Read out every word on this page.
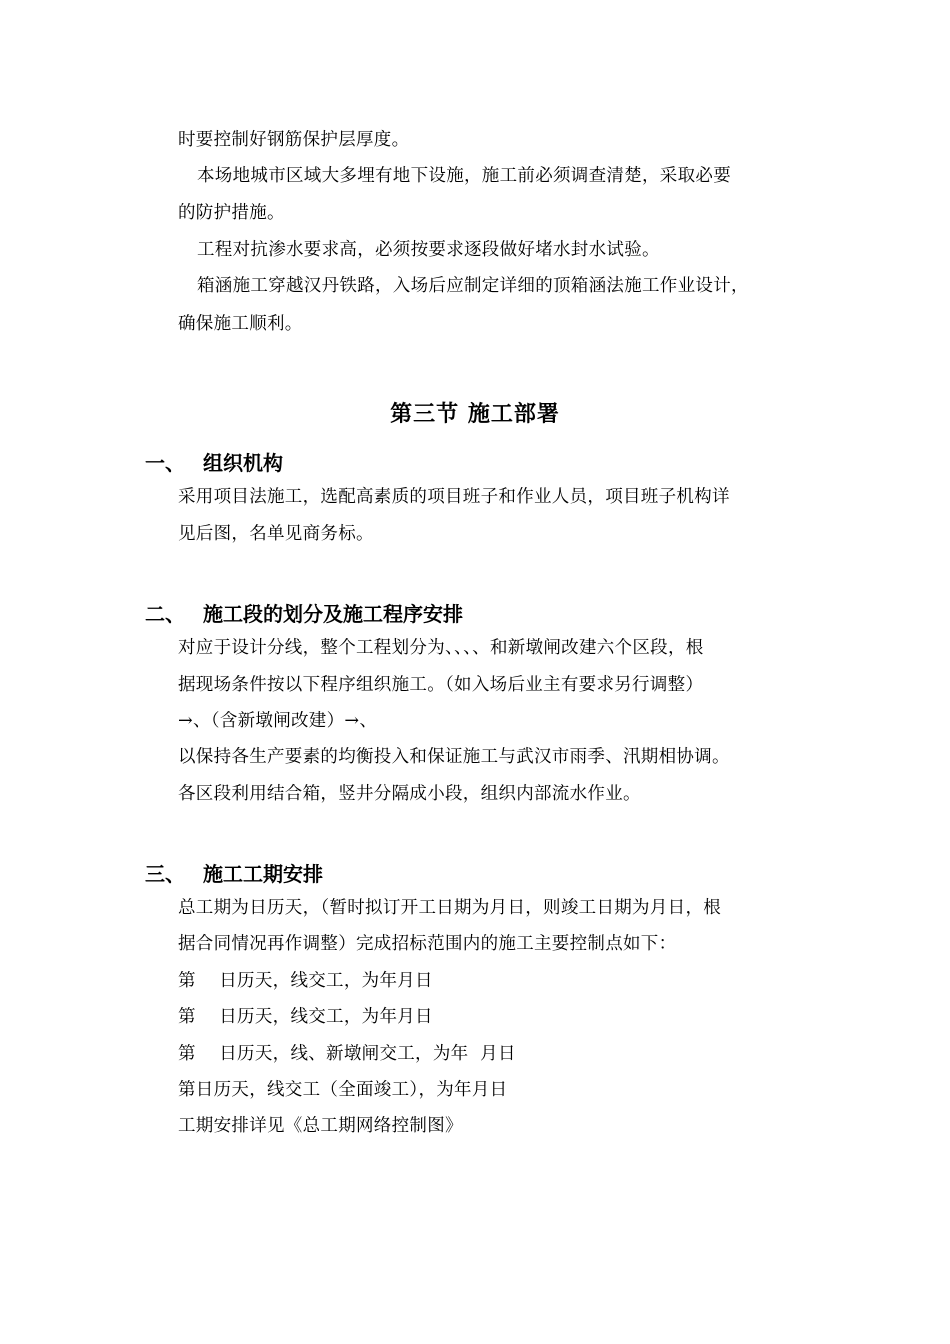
时要控制好钢筋保护层厚度。
本场地城市区域大多埋有地下设施，施工前必须调查清楚，采取必要
的防护措施。
工程对抗渗水要求高，必须按要求逐段做好堵水封水试验。
箱涵施工穿越汉丹铁路，入场后应制定详细的顶箱涵法施工作业设计，
确保施工顺利。
第三节 施工部署
一、 组织机构
采用项目法施工，选配高素质的项目班子和作业人员，项目班子机构详
见后图，名单见商务标。
二、 施工段的划分及施工程序安排
对应于设计分线，整个工程划分为、、、、和新墩闸改建六个区段，根
据现场条件按以下程序组织施工。（如入场后业主有要求另行调整）
→、（含新墩闸改建）→、
以保持各生产要素的均衡投入和保证施工与武汉市雨季、汛期相协调。
各区段利用结合箱，竖井分隔成小段，组织内部流水作业。
三、 施工工期安排
总工期为日历天，（暂时拟订开工日期为月日，则竣工日期为月日，根
据合同情况再作调整）完成招标范围内的施工主要控制点如下：
第    日历天，线交工，为年月日
第    日历天，线交工，为年月日
第    日历天，线、新墩闸交工，为年  月日
第日历天，线交工（全面竣工），为年月日
工期安排详见《总工期网络控制图》
